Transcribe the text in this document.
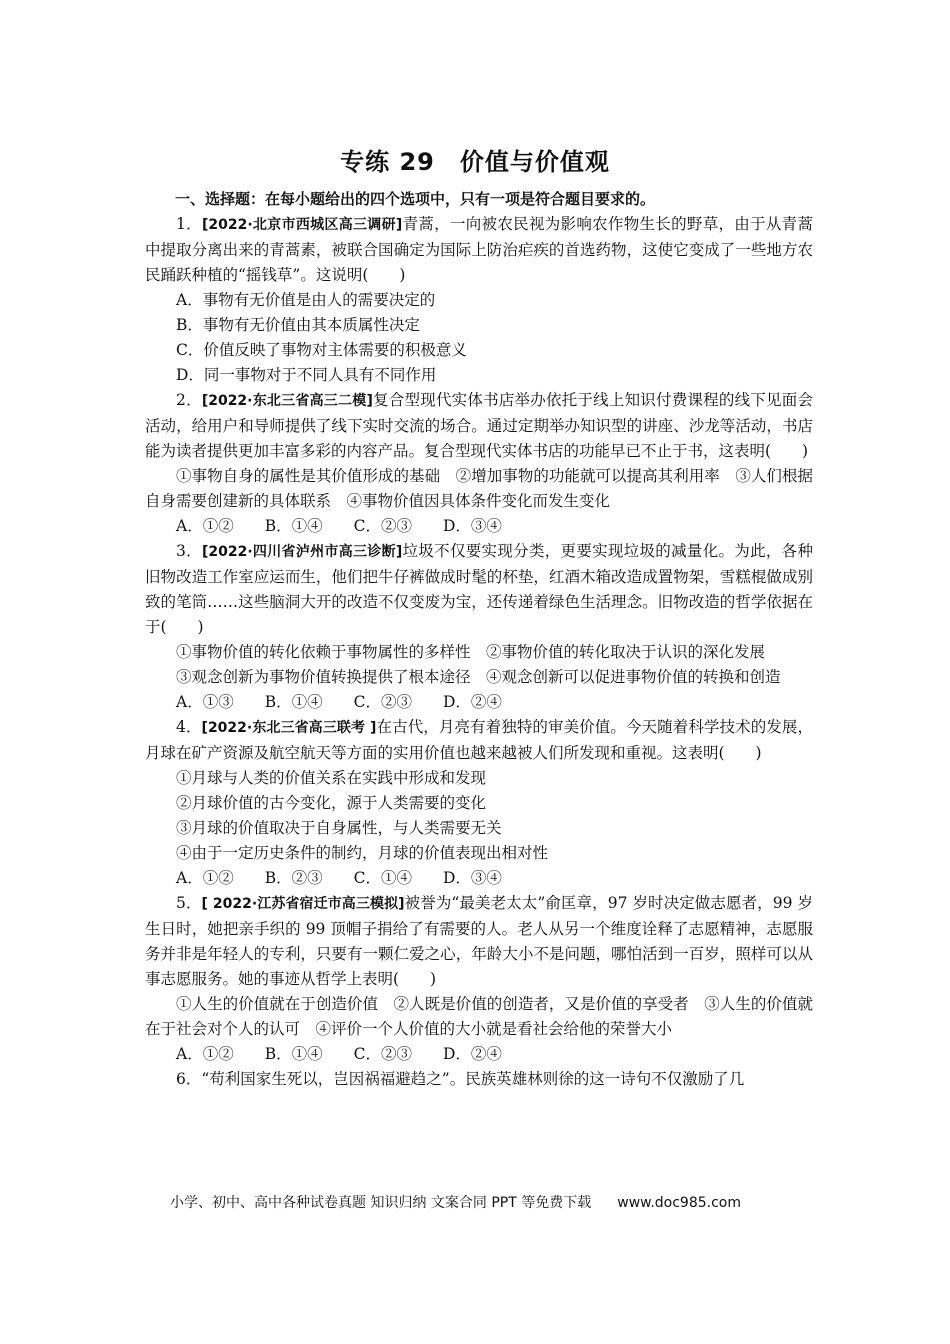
专练 29　价值与价值观

一、选择题：在每小题给出的四个选项中，只有一项是符合题目要求的。

1．[2022·北京市西城区高三调研]青蒿，一向被农民视为影响农作物生长的野草，由于从青蒿中提取分离出来的青蒿素，被联合国确定为国际上防治疟疾的首选药物，这使它变成了一些地方农民踊跃种植的“摇钱草”。这说明(　　)

A．事物有无价值是由人的需要决定的

B．事物有无价值由其本质属性决定

C．价值反映了事物对主体需要的积极意义

D．同一事物对于不同人具有不同作用

2．[2022·东北三省高三二模]复合型现代实体书店举办依托于线上知识付费课程的线下见面会活动，给用户和导师提供了线下实时交流的场合。通过定期举办知识型的讲座、沙龙等活动，书店能为读者提供更加丰富多彩的内容产品。复合型现代实体书店的功能早已不止于书，这表明(　　)

①事物自身的属性是其价值形成的基础　②增加事物的功能就可以提高其利用率　③人们根据自身需要创建新的具体联系　④事物价值因具体条件变化而发生变化

A．①②　　B．①④　　C．②③　　D．③④

3．[2022·四川省泸州市高三诊断]垃圾不仅要实现分类，更要实现垃圾的减量化。为此，各种旧物改造工作室应运而生，他们把牛仔裤做成时髦的杯垫，红酒木箱改造成置物架，雪糕棍做成别致的笔筒……这些脑洞大开的改造不仅变废为宝，还传递着绿色生活理念。旧物改造的哲学依据在于(　　)

①事物价值的转化依赖于事物属性的多样性　②事物价值的转化取决于认识的深化发展

③观念创新为事物价值转换提供了根本途径　④观念创新可以促进事物价值的转换和创造

A．①③　　B．①④　　C．②③　　D．②④

4．[2022·东北三省高三联考 ]在古代，月亮有着独特的审美价值。今天随着科学技术的发展，月球在矿产资源及航空航天等方面的实用价值也越来越被人们所发现和重视。这表明(　　)

①月球与人类的价值关系在实践中形成和发现

②月球价值的古今变化，源于人类需要的变化

③月球的价值取决于自身属性，与人类需要无关

④由于一定历史条件的制约，月球的价值表现出相对性

A．①②　　B．②③　　C．①④　　D．③④

5．[ 2022·江苏省宿迁市高三模拟]被誉为“最美老太太”俞匡章，97 岁时决定做志愿者，99 岁生日时，她把亲手织的 99 顶帽子捐给了有需要的人。老人从另一个维度诠释了志愿精神，志愿服务并非是年轻人的专利，只要有一颗仁爱之心，年龄大小不是问题，哪怕活到一百岁，照样可以从事志愿服务。她的事迹从哲学上表明(　　)

①人生的价值就在于创造价值　②人既是价值的创造者，又是价值的享受者　③人生的价值就在于社会对个人的认可　④评价一个人价值的大小就是看社会给他的荣誉大小

A．①②　　B．①④　　C．②③　　D．②④

6．“苟利国家生死以，岂因祸福避趋之”。民族英雄林则徐的这一诗句不仅激励了几

小学、初中、高中各种试卷真题 知识归纳 文案合同 PPT 等免费下载 www.doc985.com
